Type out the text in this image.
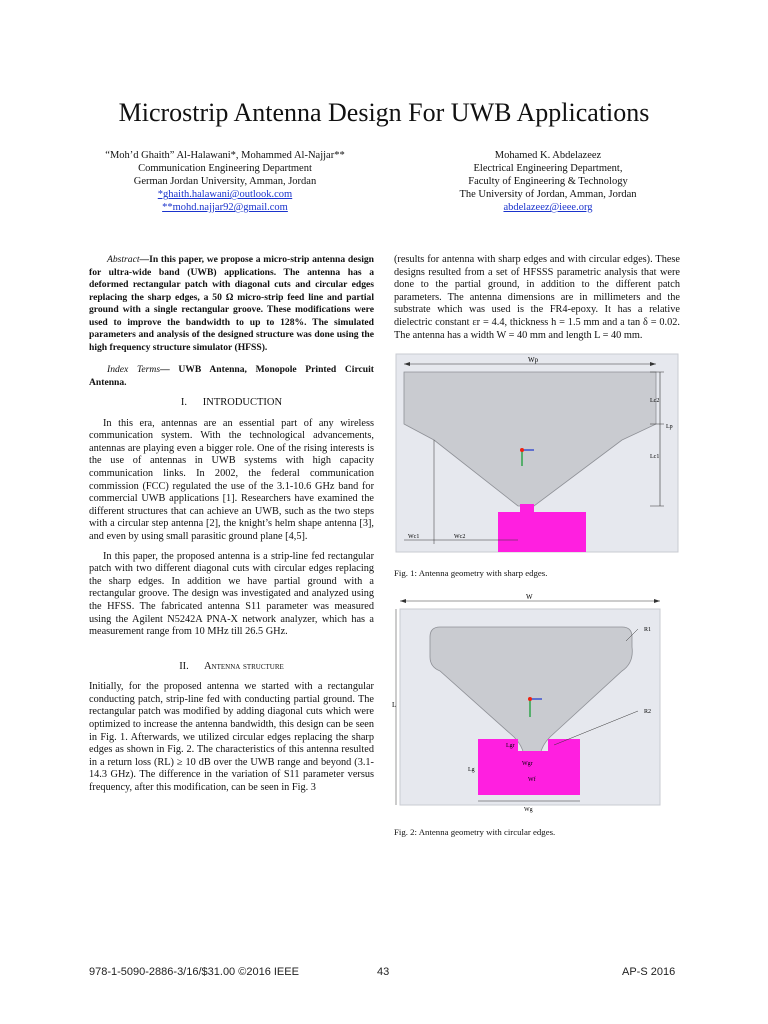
Microstrip Antenna Design For UWB Applications
“Moh’d Ghaith” Al-Halawani*, Mohammed Al-Najjar**
Communication Engineering Department
German Jordan University, Amman, Jordan
*ghaith.halawani@outlook.com
**mohd.najjar92@gmail.com
Mohamed K. Abdelazeez
Electrical Engineering Department,
Faculty of Engineering & Technology
The University of Jordan, Amman, Jordan
abdelazeez@ieee.org

Abstract—In this paper, we propose a micro-strip antenna design for ultra-wide band (UWB) applications. The antenna has a deformed rectangular patch with diagonal cuts and circular edges replacing the sharp edges, a 50 Ω micro-strip feed line and partial ground with a single rectangular groove. These modifications were used to improve the bandwidth to up to 128%. The simulated parameters and analysis of the designed structure was done using the high frequency structure simulator (HFSS).

Index Terms— UWB Antenna, Monopole Printed Circuit Antenna.

I.      INTRODUCTION

In this era, antennas are an essential part of any wireless communication system. With the technological advancements, antennas are playing even a bigger role. One of the rising interests is the use of antennas in UWB systems with high capacity communication links. In 2002, the federal communication commission (FCC) regulated the use of the 3.1-10.6 GHz band for commercial UWB applications [1]. Researchers have examined the different structures that can achieve an UWB, such as the two steps with a circular step antenna [2], the knight’s helm shape antenna [3], and even by using small parasitic ground plane [4,5].

In this paper, the proposed antenna is a strip-line fed rectangular patch with two different diagonal cuts with circular edges replacing the sharp edges. In addition we have partial ground with a rectangular groove. The design was investigated and analyzed using the HFSS. The fabricated antenna S11 parameter was measured using the Agilent N5242A PNA-X network analyzer, which has a measurement range from 10 MHz till 26.5 GHz.

II.      Antenna structure

Initially, for the proposed antenna we started with a rectangular conducting patch, strip-line fed with conducting partial ground. The rectangular patch was modified by adding diagonal cuts which were optimized to increase the antenna bandwidth, this design can be seen in Fig. 1. Afterwards, we utilized circular edges replacing the sharp edges as shown in Fig. 2. The characteristics of this antenna resulted in a return loss (RL) ≥ 10 dB over the UWB range and beyond (3.1-14.3 GHz). The difference in the variation of S11 parameter versus frequency, after this modification, can be seen in Fig. 3

(results for antenna with sharp edges and with circular edges). These designs resulted from a set of HFSSS parametric analysis that were done to the partial ground, in addition to the different patch parameters. The antenna dimensions are in millimeters and the substrate which was used is the FR4-epoxy. It has a relative dielectric constant εr = 4.4, thickness h = 1.5 mm and a tan δ = 0.02. The antenna has a width W = 40 mm and length L = 40 mm.

Wp
Lc2
Lp
Lc1
Wc1	Wc2
Fig. 1: Antenna geometry with sharp edges.
W
L
R1
R2
Lgr
Wgr
Lg
Wf
Wg
Fig. 2: Antenna geometry with circular edges.
978-1-5090-2886-3/16/$31.00 ©2016 IEEE	43	AP-S 2016
